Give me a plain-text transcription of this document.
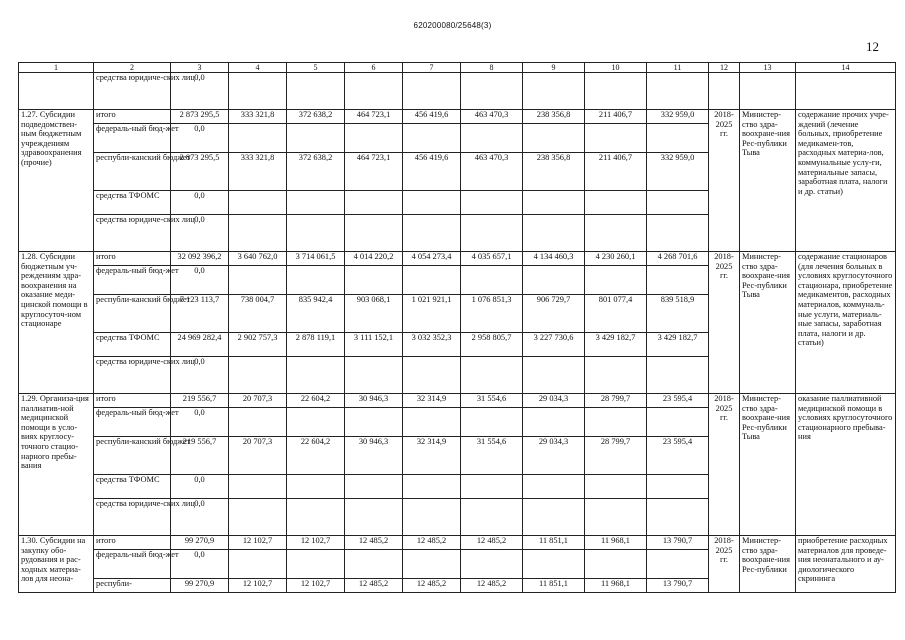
620200080/25648(3)
12
1	2	3	4	5	6	7	8	9	10	11	12	13	14
	средства юридиче-ских лиц	0,0											
1.27. Субсидии подведомствен-ным бюджетным учреждениям здравоохранения (прочие)	итого	2 873 295,5	333 321,8	372 638,2	464 723,1	456 419,6	463 470,3	238 356,8	211 406,7	332 959,0	2018-2025 гг.	Министер-ство здра-воохране-ния Рес-публики Тыва	содержание прочих учре-ждений (лечение больных, приобретение медикамен-тов, расходных материа-лов, коммунальные услу-ги, материальные запасы, заработная плата, налоги и др. статьи)
	федераль-ный бюд-жет	0,0											
	республи-канский бюджет	2 873 295,5	333 321,8	372 638,2	464 723,1	456 419,6	463 470,3	238 356,8	211 406,7	332 959,0			
	средства ТФОМС	0,0											
	средства юридиче-ских лиц	0,0											
1.28. Субсидии бюджетным уч-реждениям здра-воохранения на оказание меди-цинской помощи в круглосуточ-ном стационаре	итого	32 092 396,2	3 640 762,0	3 714 061,5	4 014 220,2	4 054 273,4	4 035 657,1	4 134 460,3	4 230 260,1	4 268 701,6	2018-2025 гг.	Министер-ство здра-воохране-ния Рес-публики Тыва	содержание стационаров (для лечения больных в условиях круглосуточного стационара, приобретение медикаментов, расходных материалов, коммуналь-ные услуги, материаль-ные запасы, заработная плата, налоги и др. статьи)
	федераль-ный бюд-жет	0,0											
	республи-канский бюджет	7 123 113,7	738 004,7	835 942,4	903 068,1	1 021 921,1	1 076 851,3	906 729,7	801 077,4	839 518,9			
	средства ТФОМС	24 969 282,4	2 902 757,3	2 878 119,1	3 111 152,1	3 032 352,3	2 958 805,7	3 227 730,6	3 429 182,7	3 429 182,7			
	средства юридиче-ских лиц	0,0											
1.29. Организа-ция паллиатив-ной медицинской помощи в усло-виях круглосу-точного стацио-нарного пребы-вания	итого	219 556,7	20 707,3	22 604,2	30 946,3	32 314,9	31 554,6	29 034,3	28 799,7	23 595,4	2018-2025 гг.	Министер-ство здра-воохране-ния Рес-публики Тыва	оказание паллиативной медицинской помощи в условиях круглосуточного стационарного пребыва-ния
	федераль-ный бюд-жет	0,0											
	республи-канский бюджет	219 556,7	20 707,3	22 604,2	30 946,3	32 314,9	31 554,6	29 034,3	28 799,7	23 595,4			
	средства ТФОМС	0,0											
	средства юридиче-ских лиц	0,0											
1.30. Субсидии на закупку обо-рудования и рас-ходных материа-лов для неона-	итого	99 270,9	12 102,7	12 102,7	12 485,2	12 485,2	12 485,2	11 851,1	11 968,1	13 790,7	2018-2025 гг.	Министер-ство здра-воохране-ния Рес-публики	приобретение расходных материалов для проведе-ния неонатального и ау-диологического скрининга
	федераль-ный бюд-жет	0,0											
	республи-	99 270,9	12 102,7	12 102,7	12 485,2	12 485,2	12 485,2	11 851,1	11 968,1	13 790,7			
